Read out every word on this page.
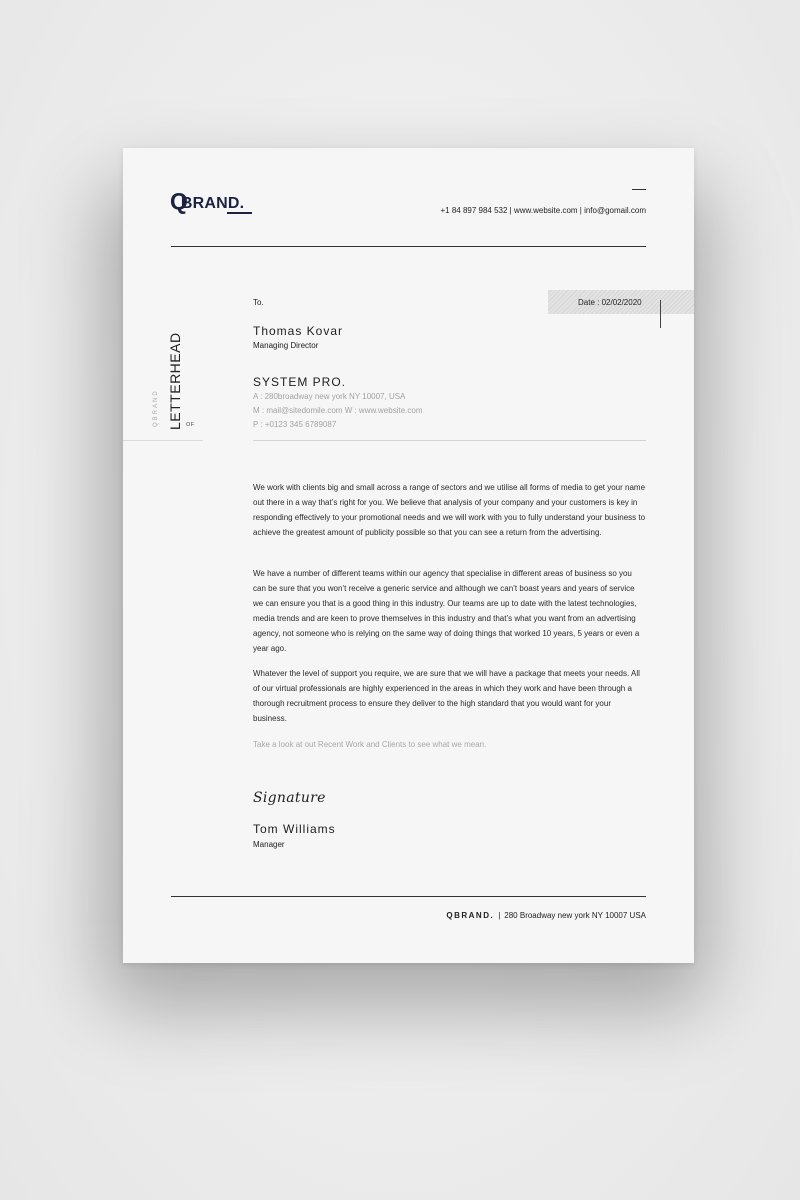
QBRAND.	+1 84 897 984 532 | www.website.com | info@gomail.com
QBRAND LETTERHEAD OF
Date : 02/02/2020
To.
Thomas Kovar
Managing Director
SYSTEM PRO.
A : 280broadway new york NY 10007, USA
M : mail@sitedomile.com W : www.website.com
P : +0123 345 6789087

We work with clients big and small across a range of sectors and we utilise all forms of media to get your name out there in a way that’s right for you. We believe that analysis of your company and your customers is key in responding effectively to your promotional needs and we will work with you to fully understand your business to achieve the greatest amount of publicity possible so that you can see a return from the advertising.

We have a number of different teams within our agency that specialise in different areas of business so you can be sure that you won’t receive a generic service and although we can’t boast years and years of service we can ensure you that is a good thing in this industry. Our teams are up to date with the latest technologies, media trends and are keen to prove themselves in this industry and that’s what you want from an advertising agency, not someone who is relying on the same way of doing things that worked 10 years, 5 years or even a year ago.

Whatever the level of support you require, we are sure that we will have a package that meets your needs. All of our virtual professionals are highly experienced in the areas in which they work and have been through a thorough recruitment process to ensure they deliver to the high standard that you would want for your business.

Take a look at out Recent Work and Clients to see what we mean.

Signature
Tom Williams
Manager
QBRAND. | 280 Broadway new york NY 10007 USA
